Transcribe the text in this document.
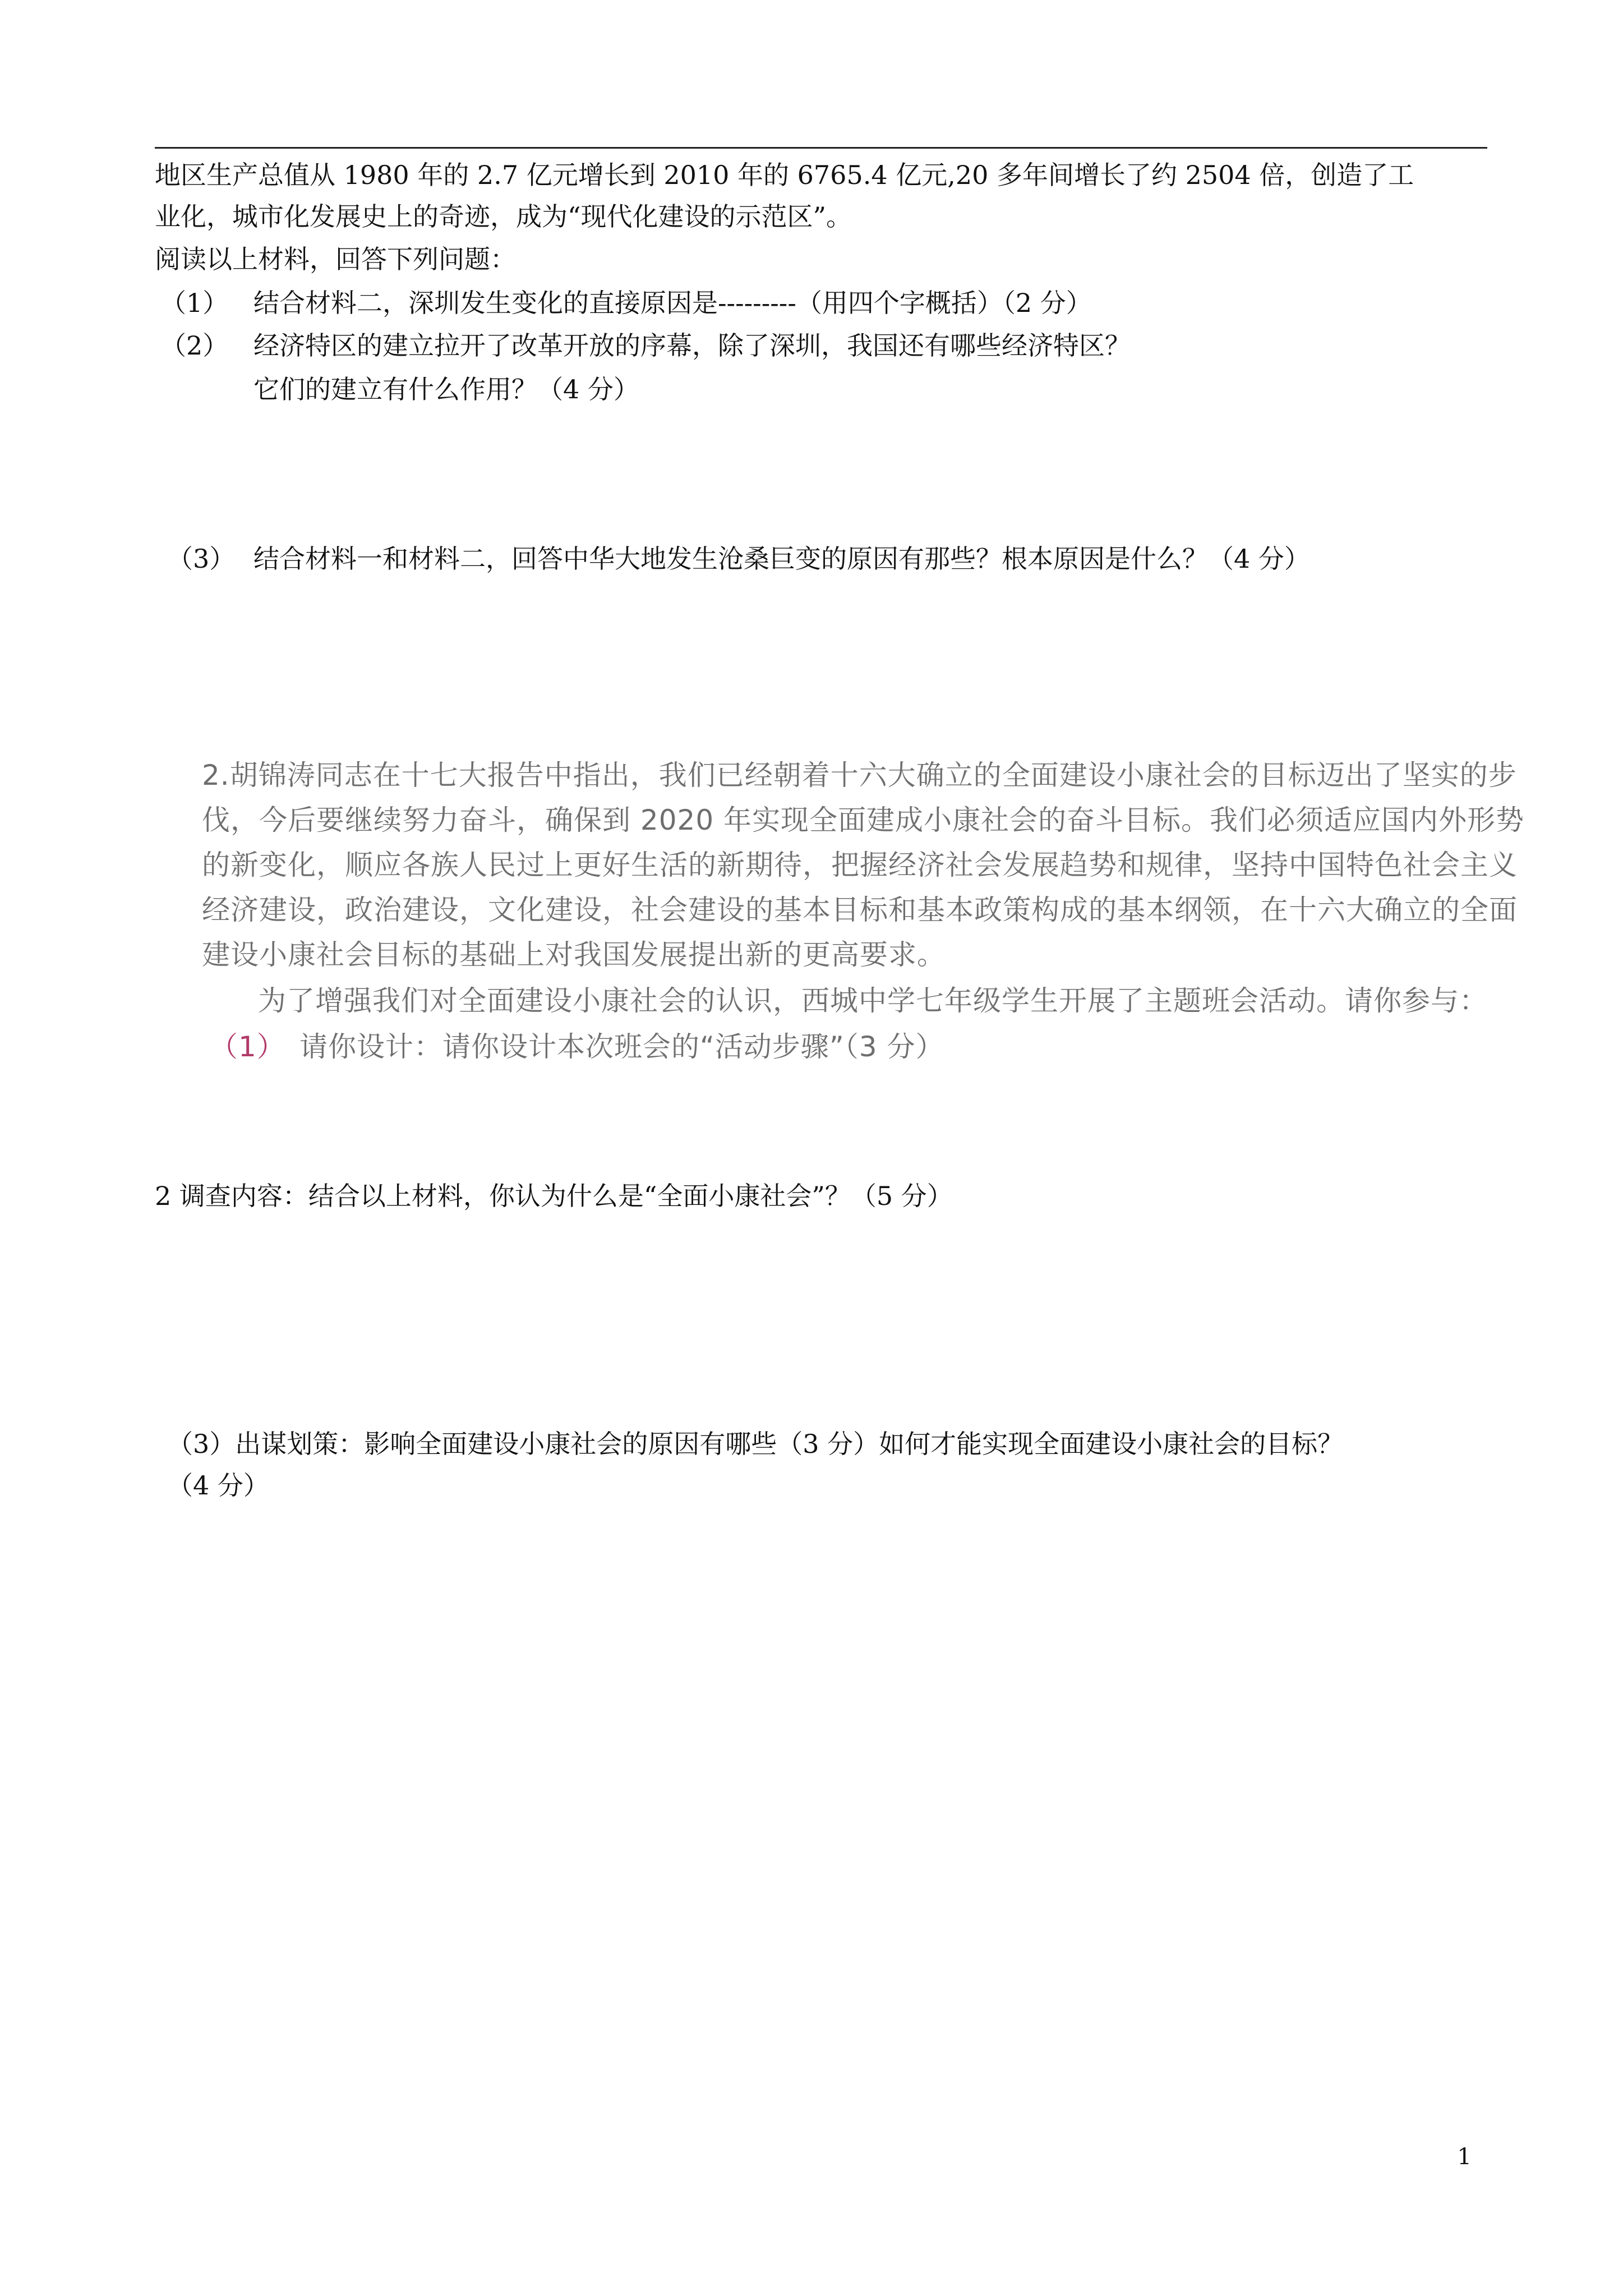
地区生产总值从 1980 年的 2.7 亿元增长到 2010 年的 6765.4 亿元,20 多年间增长了约 2504 倍，创造了工
业化，城市化发展史上的奇迹，成为“现代化建设的示范区”。
阅读以上材料，回答下列问题：
（1） 结合材料二，深圳发生变化的直接原因是---------（用四个字概括）（2 分）
（2） 经济特区的建立拉开了改革开放的序幕，除了深圳，我国还有哪些经济特区？
它们的建立有什么作用？（4 分）
（3） 结合材料一和材料二，回答中华大地发生沧桑巨变的原因有那些？根本原因是什么？（4 分）
2.胡锦涛同志在十七大报告中指出，我们已经朝着十六大确立的全面建设小康社会的目标迈出了坚实的步
伐，今后要继续努力奋斗，确保到 2020 年实现全面建成小康社会的奋斗目标。我们必须适应国内外形势
的新变化，顺应各族人民过上更好生活的新期待，把握经济社会发展趋势和规律，坚持中国特色社会主义
经济建设，政治建设，文化建设，社会建设的基本目标和基本政策构成的基本纲领，在十六大确立的全面
建设小康社会目标的基础上对我国发展提出新的更高要求。
为了增强我们对全面建设小康社会的认识，西城中学七年级学生开展了主题班会活动。请你参与：
（1） 请你设计：请你设计本次班会的“活动步骤”（3 分）
2 调查内容：结合以上材料，你认为什么是“全面小康社会”？（5 分）
（3）出谋划策：影响全面建设小康社会的原因有哪些（3 分）如何才能实现全面建设小康社会的目标？
（4 分）
1
